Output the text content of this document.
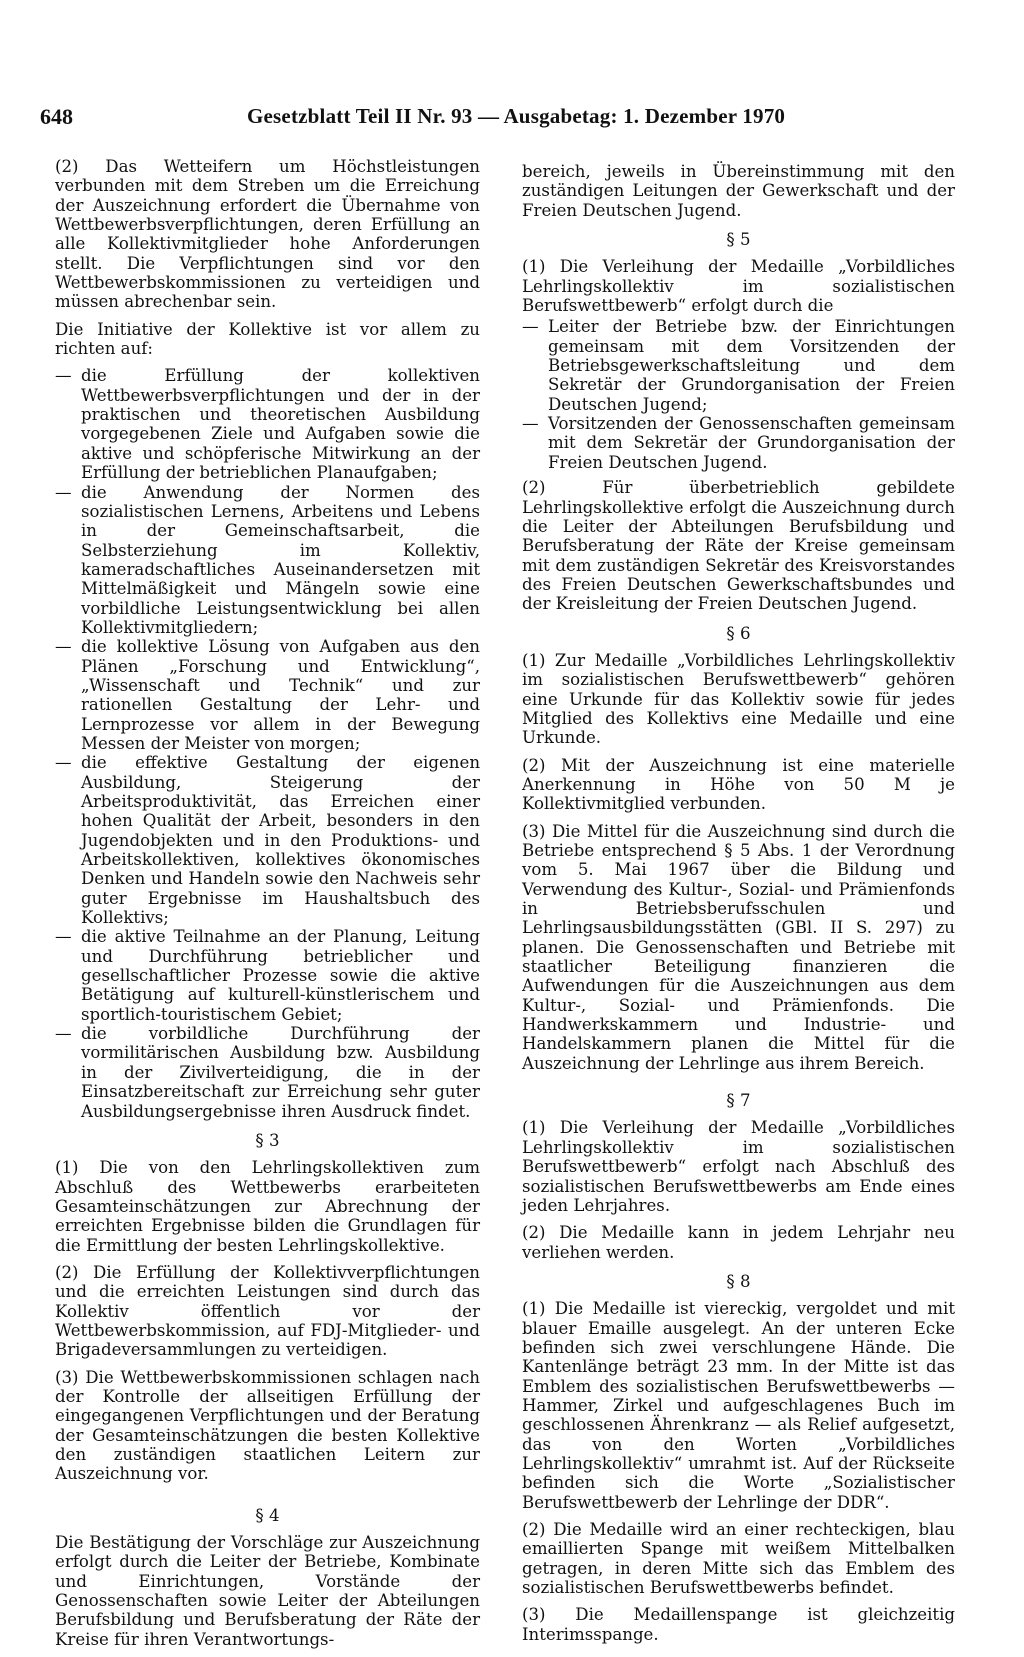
648	Gesetzblatt Teil II Nr. 93 — Ausgabetag: 1. Dezember 1970

(2) Das Wetteifern um Höchstleistungen verbunden mit dem Streben um die Erreichung der Auszeichnung erfordert die Übernahme von Wettbewerbsverpflichtungen, deren Erfüllung an alle Kollektivmitglieder hohe Anforderungen stellt. Die Verpflichtungen sind vor den Wettbewerbskommissionen zu verteidigen und müssen abrechenbar sein.

Die Initiative der Kollektive ist vor allem zu richten auf:

— die Erfüllung der kollektiven Wettbewerbsverpflichtungen und der in der praktischen und theoretischen Ausbildung vorgegebenen Ziele und Aufgaben sowie die aktive und schöpferische Mitwirkung an der Erfüllung der betrieblichen Planaufgaben;
— die Anwendung der Normen des sozialistischen Lernens, Arbeitens und Lebens in der Gemeinschaftsarbeit, die Selbsterziehung im Kollektiv, kameradschaftliches Auseinandersetzen mit Mittelmäßigkeit und Mängeln sowie eine vorbildliche Leistungsentwicklung bei allen Kollektivmitgliedern;
— die kollektive Lösung von Aufgaben aus den Plänen „Forschung und Entwicklung“, „Wissenschaft und Technik“ und zur rationellen Gestaltung der Lehr- und Lernprozesse vor allem in der Bewegung Messen der Meister von morgen;
— die effektive Gestaltung der eigenen Ausbildung, Steigerung der Arbeitsproduktivität, das Erreichen einer hohen Qualität der Arbeit, besonders in den Jugendobjekten und in den Produktions- und Arbeitskollektiven, kollektives ökonomisches Denken und Handeln sowie den Nachweis sehr guter Ergebnisse im Haushaltsbuch des Kollektivs;
— die aktive Teilnahme an der Planung, Leitung und Durchführung betrieblicher und gesellschaftlicher Prozesse sowie die aktive Betätigung auf kulturell-künstlerischem und sportlich-touristischem Gebiet;
— die vorbildliche Durchführung der vormilitärischen Ausbildung bzw. Ausbildung in der Zivilverteidigung, die in der Einsatzbereitschaft zur Erreichung sehr guter Ausbildungsergebnisse ihren Ausdruck findet.
§ 3

(1) Die von den Lehrlingskollektiven zum Abschluß des Wettbewerbs erarbeiteten Gesamteinschätzungen zur Abrechnung der erreichten Ergebnisse bilden die Grundlagen für die Ermittlung der besten Lehrlingskollektive.

(2) Die Erfüllung der Kollektivverpflichtungen und die erreichten Leistungen sind durch das Kollektiv öffentlich vor der Wettbewerbskommission, auf FDJ-Mitglieder- und Brigadeversammlungen zu verteidigen.

(3) Die Wettbewerbskommissionen schlagen nach der Kontrolle der allseitigen Erfüllung der eingegangenen Verpflichtungen und der Beratung der Gesamteinschätzungen die besten Kollektive den zuständigen staatlichen Leitern zur Auszeichnung vor.

§ 4

Die Bestätigung der Vorschläge zur Auszeichnung erfolgt durch die Leiter der Betriebe, Kombinate und Einrichtungen, Vorstände der Genossenschaften sowie Leiter der Abteilungen Berufsbildung und Berufsberatung der Räte der Kreise für ihren Verantwortungs-

bereich, jeweils in Übereinstimmung mit den zuständigen Leitungen der Gewerkschaft und der Freien Deutschen Jugend.

§ 5

(1) Die Verleihung der Medaille „Vorbildliches Lehrlingskollektiv im sozialistischen Berufswettbewerb“ erfolgt durch die

— Leiter der Betriebe bzw. der Einrichtungen gemeinsam mit dem Vorsitzenden der Betriebsgewerkschaftsleitung und dem Sekretär der Grundorganisation der Freien Deutschen Jugend;
— Vorsitzenden der Genossenschaften gemeinsam mit dem Sekretär der Grundorganisation der Freien Deutschen Jugend.

(2) Für überbetrieblich gebildete Lehrlingskollektive erfolgt die Auszeichnung durch die Leiter der Abteilungen Berufsbildung und Berufsberatung der Räte der Kreise gemeinsam mit dem zuständigen Sekretär des Kreisvorstandes des Freien Deutschen Gewerkschaftsbundes und der Kreisleitung der Freien Deutschen Jugend.

§ 6

(1) Zur Medaille „Vorbildliches Lehrlingskollektiv im sozialistischen Berufswettbewerb“ gehören eine Urkunde für das Kollektiv sowie für jedes Mitglied des Kollektivs eine Medaille und eine Urkunde.

(2) Mit der Auszeichnung ist eine materielle Anerkennung in Höhe von 50 M je Kollektivmitglied verbunden.

(3) Die Mittel für die Auszeichnung sind durch die Betriebe entsprechend § 5 Abs. 1 der Verordnung vom 5. Mai 1967 über die Bildung und Verwendung des Kultur-, Sozial- und Prämienfonds in Betriebsberufsschulen und Lehrlingsausbildungsstätten (GBl. II S. 297) zu planen. Die Genossenschaften und Betriebe mit staatlicher Beteiligung finanzieren die Aufwendungen für die Auszeichnungen aus dem Kultur-, Sozial- und Prämienfonds. Die Handwerkskammern und Industrie- und Handelskammern planen die Mittel für die Auszeichnung der Lehrlinge aus ihrem Bereich.

§ 7

(1) Die Verleihung der Medaille „Vorbildliches Lehrlingskollektiv im sozialistischen Berufswettbewerb“ erfolgt nach Abschluß des sozialistischen Berufswettbewerbs am Ende eines jeden Lehrjahres.

(2) Die Medaille kann in jedem Lehrjahr neu verliehen werden.

§ 8

(1) Die Medaille ist viereckig, vergoldet und mit blauer Emaille ausgelegt. An der unteren Ecke befinden sich zwei verschlungene Hände. Die Kantenlänge beträgt 23 mm. In der Mitte ist das Emblem des sozialistischen Berufswettbewerbs — Hammer, Zirkel und aufgeschlagenes Buch im geschlossenen Ährenkranz — als Relief aufgesetzt, das von den Worten „Vorbildliches Lehrlingskollektiv“ umrahmt ist. Auf der Rückseite befinden sich die Worte „Sozialistischer Berufswettbewerb der Lehrlinge der DDR“.

(2) Die Medaille wird an einer rechteckigen, blau emaillierten Spange mit weißem Mittelbalken getragen, in deren Mitte sich das Emblem des sozialistischen Berufswettbewerbs befindet.

(3) Die Medaillenspange ist gleichzeitig Interimsspange.
